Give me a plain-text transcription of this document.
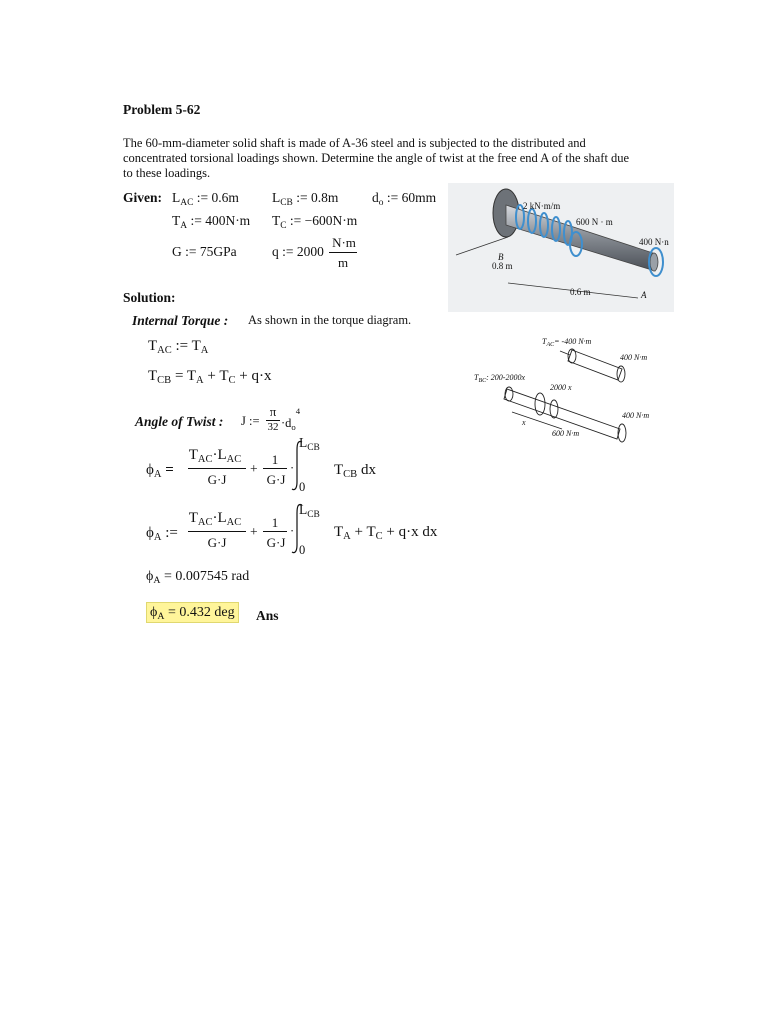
Problem 5-62
The 60-mm-diameter solid shaft is made of A-36 steel and is subjected to the distributed and
concentrated torsional loadings shown. Determine the angle of twist at the free end A of the shaft due
to these loadings.
Given: $L_{AC}$ := 0.6m $L_{CB}$ := 0.8m $d_o$ := 60mm
$T_A$ := 400N·m $T_C$ := −600N·m
G := 75GPa	q := 2000
N·m
m
Solution:
Internal Torque : As shown in the torque diagram.
$T_{AC}$ := $T_A$
$T_{CB} = T_A + T_C + q\cdot x$
Angle of Twist : J :=
π
$32 \cdot d_o^4$
$\phi_A$ =
$T_{AC}\cdot L_{AC}$
G·J
+
1
G·J
·
$L_{CB}$
0
$T_{CB}$ dx
$\phi_A$ :=
$T_{AC}\cdot L_{AC}$
G·J
+
1
G·J
·
$L_{CB}$
0
$T_A + T_C + q\cdot x$ dx
$\phi_A = 0.007545$ rad
$\phi_A = 0.432$ deg Ans
2 kN·m/m
600 N · m
400 N·n
B
0.8 m
0.6 m	A
$T_{AC}= -400$ N·m
400 N·m
$T_{BC}$: 200-2000x
2000 x
x
600 N·m
400 N·m
